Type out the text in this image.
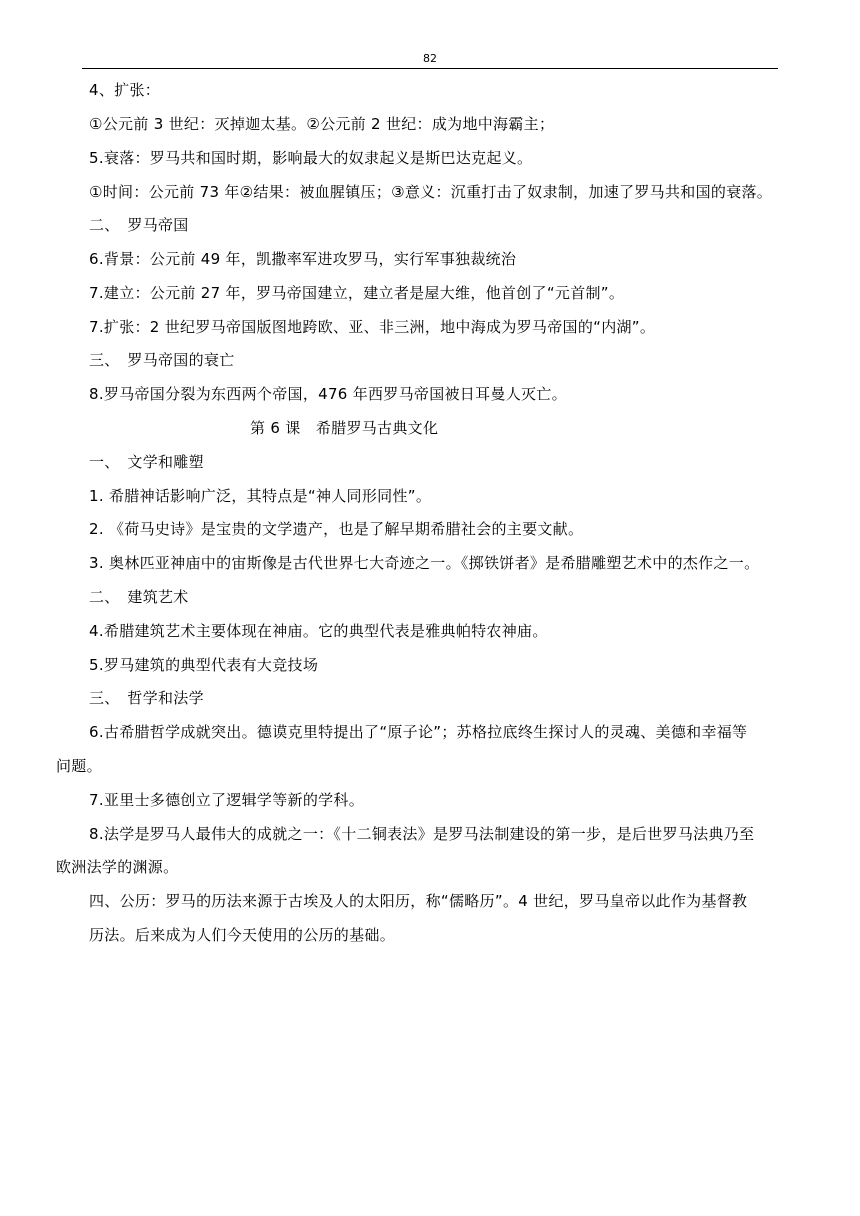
82
4、扩张：
①公元前 3 世纪：灭掉迦太基。②公元前 2 世纪：成为地中海霸主；
5.衰落：罗马共和国时期，影响最大的奴隶起义是斯巴达克起义。
①时间：公元前 73 年②结果：被血腥镇压；③意义：沉重打击了奴隶制，加速了罗马共和国的衰落。
二、　罗马帝国
6.背景：公元前 49 年，凯撒率军进攻罗马，实行军事独裁统治
7.建立：公元前 27 年，罗马帝国建立，建立者是屋大维，他首创了“元首制”。
7.扩张：2 世纪罗马帝国版图地跨欧、亚、非三洲，地中海成为罗马帝国的“内湖”。
三、　罗马帝国的衰亡
8.罗马帝国分裂为东西两个帝国，476 年西罗马帝国被日耳曼人灭亡。
第 6 课　希腊罗马古典文化
一、　文学和雕塑
1. 希腊神话影响广泛，其特点是“神人同形同性”。
2. 《荷马史诗》是宝贵的文学遗产，也是了解早期希腊社会的主要文献。
3. 奥林匹亚神庙中的宙斯像是古代世界七大奇迹之一。《掷铁饼者》是希腊雕塑艺术中的杰作之一。
二、　建筑艺术
4.希腊建筑艺术主要体现在神庙。它的典型代表是雅典帕特农神庙。
5.罗马建筑的典型代表有大竞技场
三、　哲学和法学
6.古希腊哲学成就突出。德谟克里特提出了“原子论”；苏格拉底终生探讨人的灵魂、美德和幸福等
问题。
7.亚里士多德创立了逻辑学等新的学科。
8.法学是罗马人最伟大的成就之一：《十二铜表法》是罗马法制建设的第一步，是后世罗马法典乃至
欧洲法学的渊源。
四、公历：罗马的历法来源于古埃及人的太阳历，称“儒略历”。4 世纪，罗马皇帝以此作为基督教
历法。后来成为人们今天使用的公历的基础。
